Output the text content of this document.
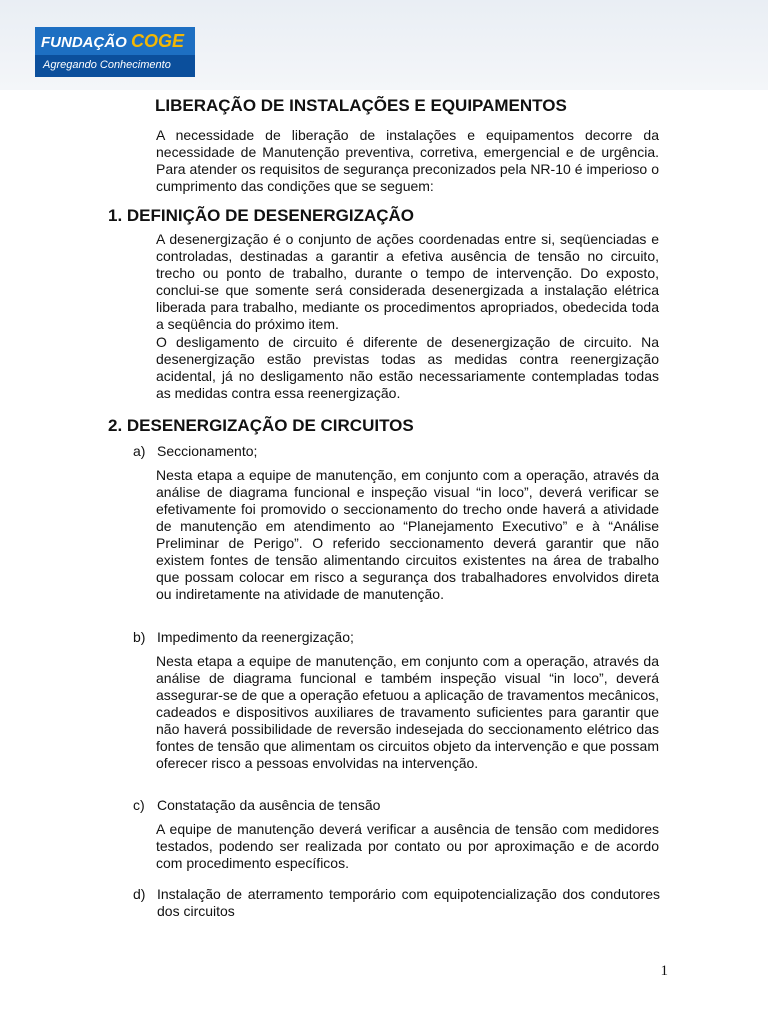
FUNDAÇÃO COGE
Agregando Conhecimento
LIBERAÇÃO DE INSTALAÇÕES E EQUIPAMENTOS
A necessidade de liberação de instalações e equipamentos decorre da necessidade de Manutenção preventiva, corretiva, emergencial e de urgência. Para atender os requisitos de segurança preconizados pela NR-10 é imperioso o cumprimento das condições que se seguem:
1. DEFINIÇÃO DE DESENERGIZAÇÃO
A desenergização é o conjunto de ações coordenadas entre si, seqüenciadas e controladas, destinadas a garantir a efetiva ausência de tensão no circuito, trecho ou ponto de trabalho, durante o tempo de intervenção. Do exposto, conclui-se que somente será considerada desenergizada a instalação elétrica liberada para trabalho, mediante os procedimentos apropriados, obedecida toda a seqüência do próximo item.
O desligamento de circuito é diferente de desenergização de circuito. Na desenergização estão previstas todas as medidas contra reenergização acidental, já no desligamento não estão necessariamente contempladas todas as medidas contra essa reenergização.
2. DESENERGIZAÇÃO DE CIRCUITOS
a) Seccionamento;
Nesta etapa a equipe de manutenção, em conjunto com a operação, através da análise de diagrama funcional e inspeção visual “in loco”, deverá verificar se efetivamente foi promovido o seccionamento do trecho onde haverá a atividade de manutenção em atendimento ao “Planejamento Executivo” e à “Análise Preliminar de Perigo”. O referido seccionamento deverá garantir que não existem fontes de tensão alimentando circuitos existentes na área de trabalho que possam colocar em risco a segurança dos trabalhadores envolvidos direta ou indiretamente na atividade de manutenção.
b) Impedimento da reenergização;
Nesta etapa a equipe de manutenção, em conjunto com a operação, através da análise de diagrama funcional e também inspeção visual “in loco”, deverá assegurar-se de que a operação efetuou a aplicação de travamentos mecânicos, cadeados e dispositivos auxiliares de travamento suficientes para garantir que não haverá possibilidade de reversão indesejada do seccionamento elétrico das fontes de tensão que alimentam os circuitos objeto da intervenção e que possam oferecer risco a pessoas envolvidas na intervenção.
c) Constatação da ausência de tensão
A equipe de manutenção deverá verificar a ausência de tensão com medidores testados, podendo ser realizada por contato ou por aproximação e de acordo com procedimento específicos.
d) Instalação de aterramento temporário com equipotencialização dos condutores dos circuitos
1
